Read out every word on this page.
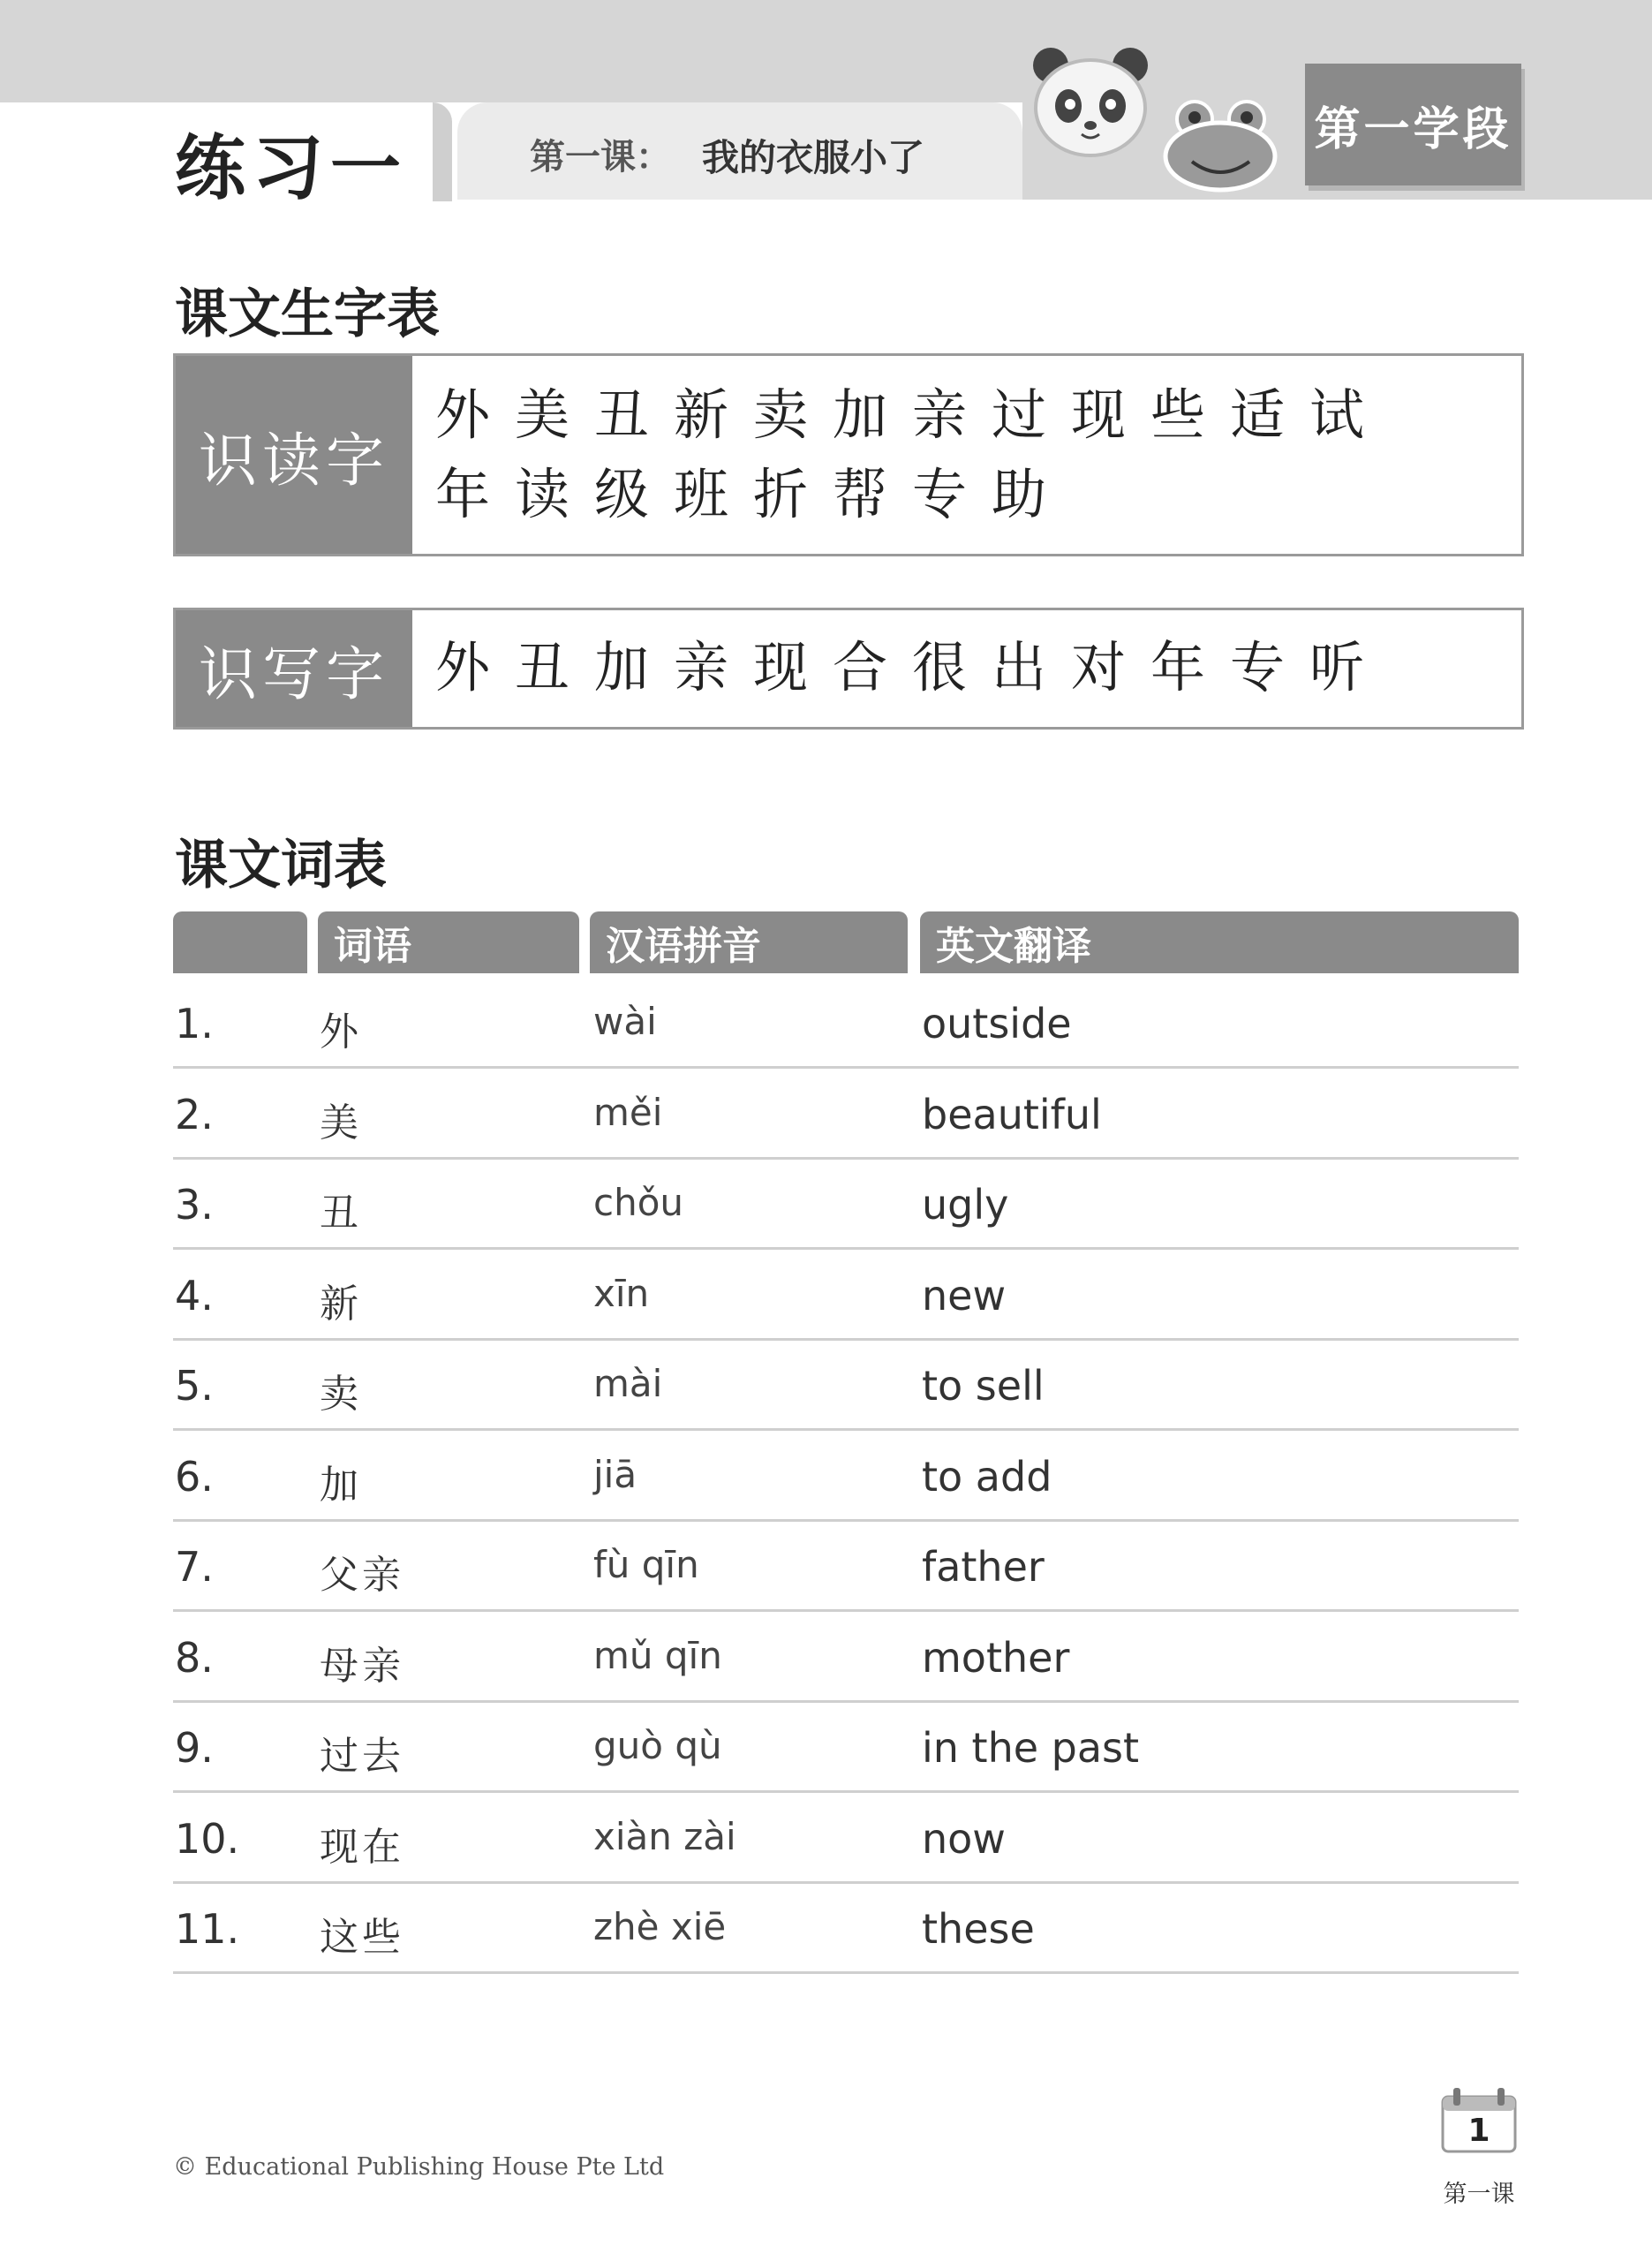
练习一	第一课： 我的衣服小了
第一学段
课文生字表
识读字
外美丑新卖加亲过现些适试
年读级班折帮专助
识写字 外丑加亲现合很出对年专听
课文词表
词语	汉语拼音	英文翻译
1.	外	wài	outside
2.	美	měi	beautiful
3.	丑	chǒu	ugly
4.	新	xīn	new
5.	卖	mài	to sell
6.	加	jiā	to add
7.	父亲	fù qīn	father
8.	母亲	mǔ qīn	mother
9.	过去	guò qù	in the past
10. 现在	xiàn zài	now
11. 这些	zhè xiē	these
© Educational Publishing House Pte Ltd
1
第一课
